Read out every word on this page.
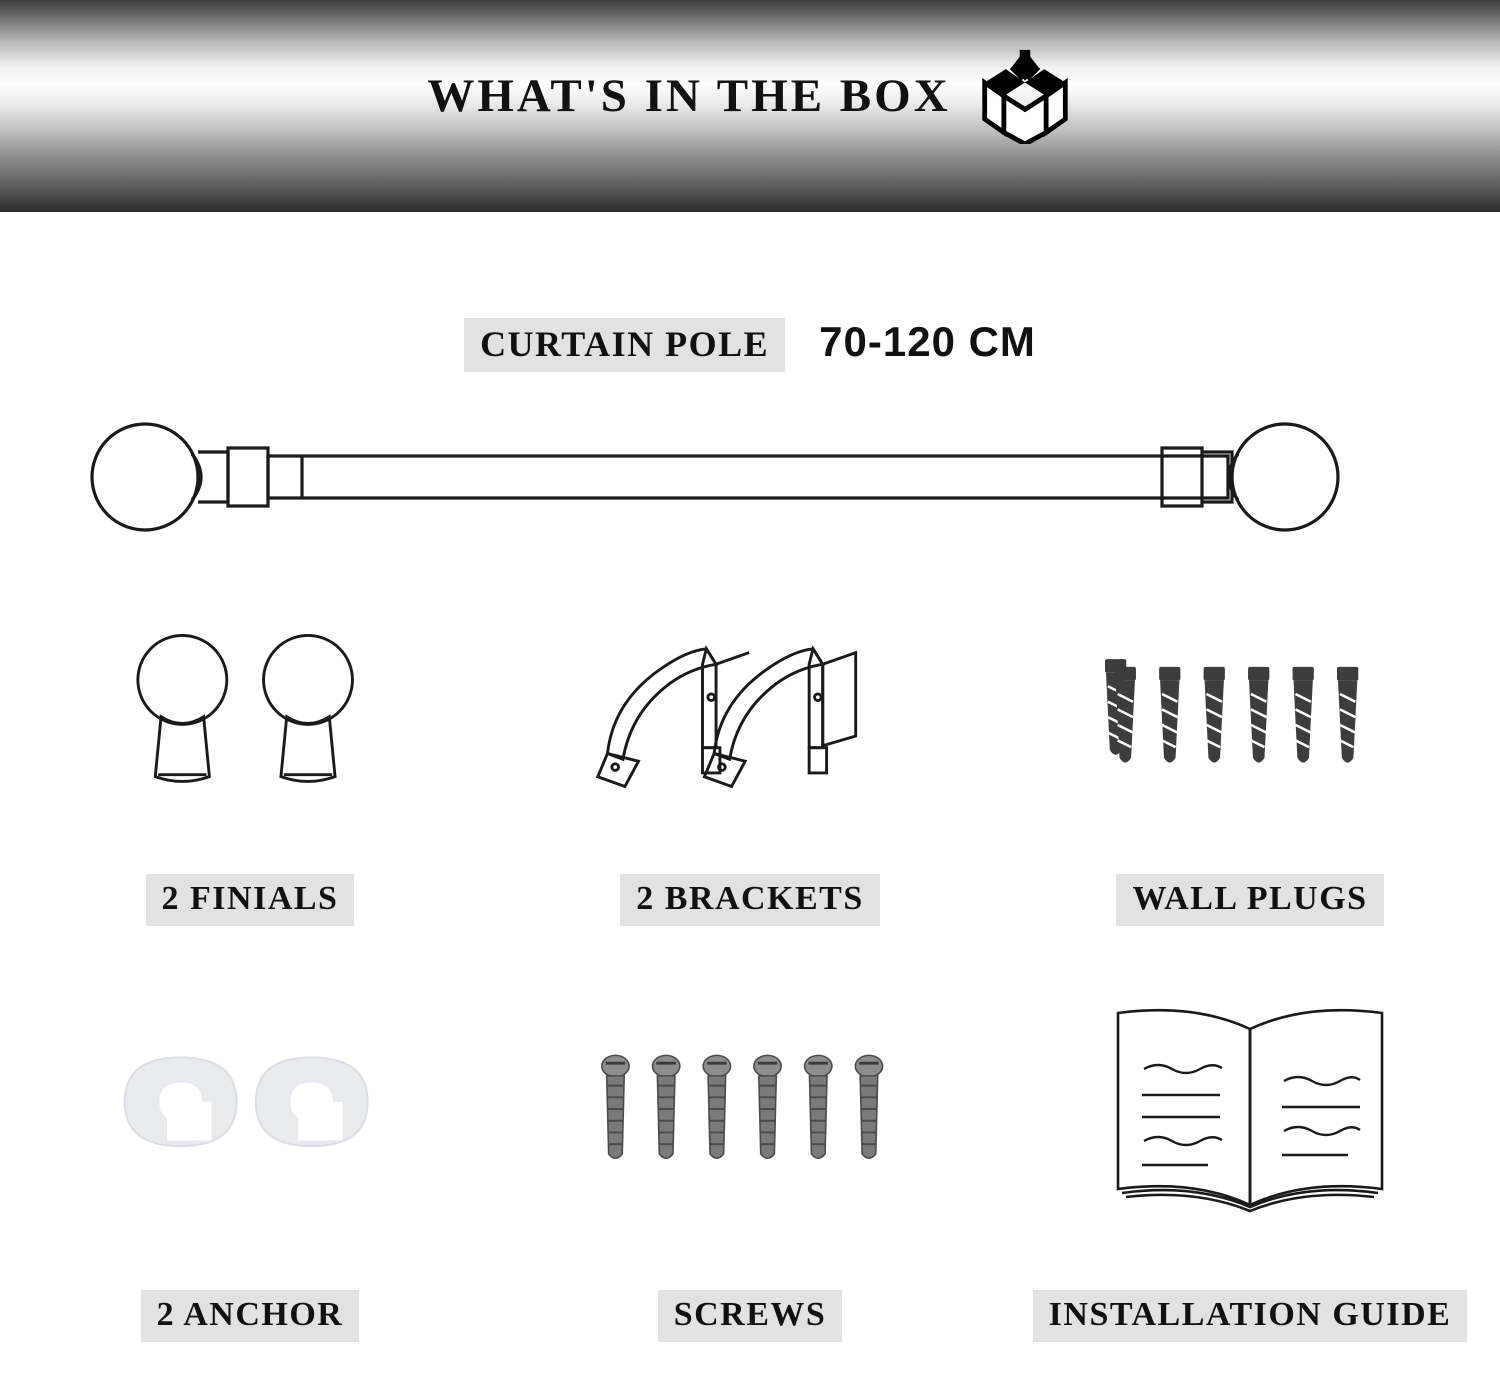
WHAT'S IN THE BOX
CURTAIN POLE	70-120 CM
2 FINIALS	2 BRACKETS	WALL PLUGS
2 ANCHOR	SCREWS	INSTALLATION GUIDE
